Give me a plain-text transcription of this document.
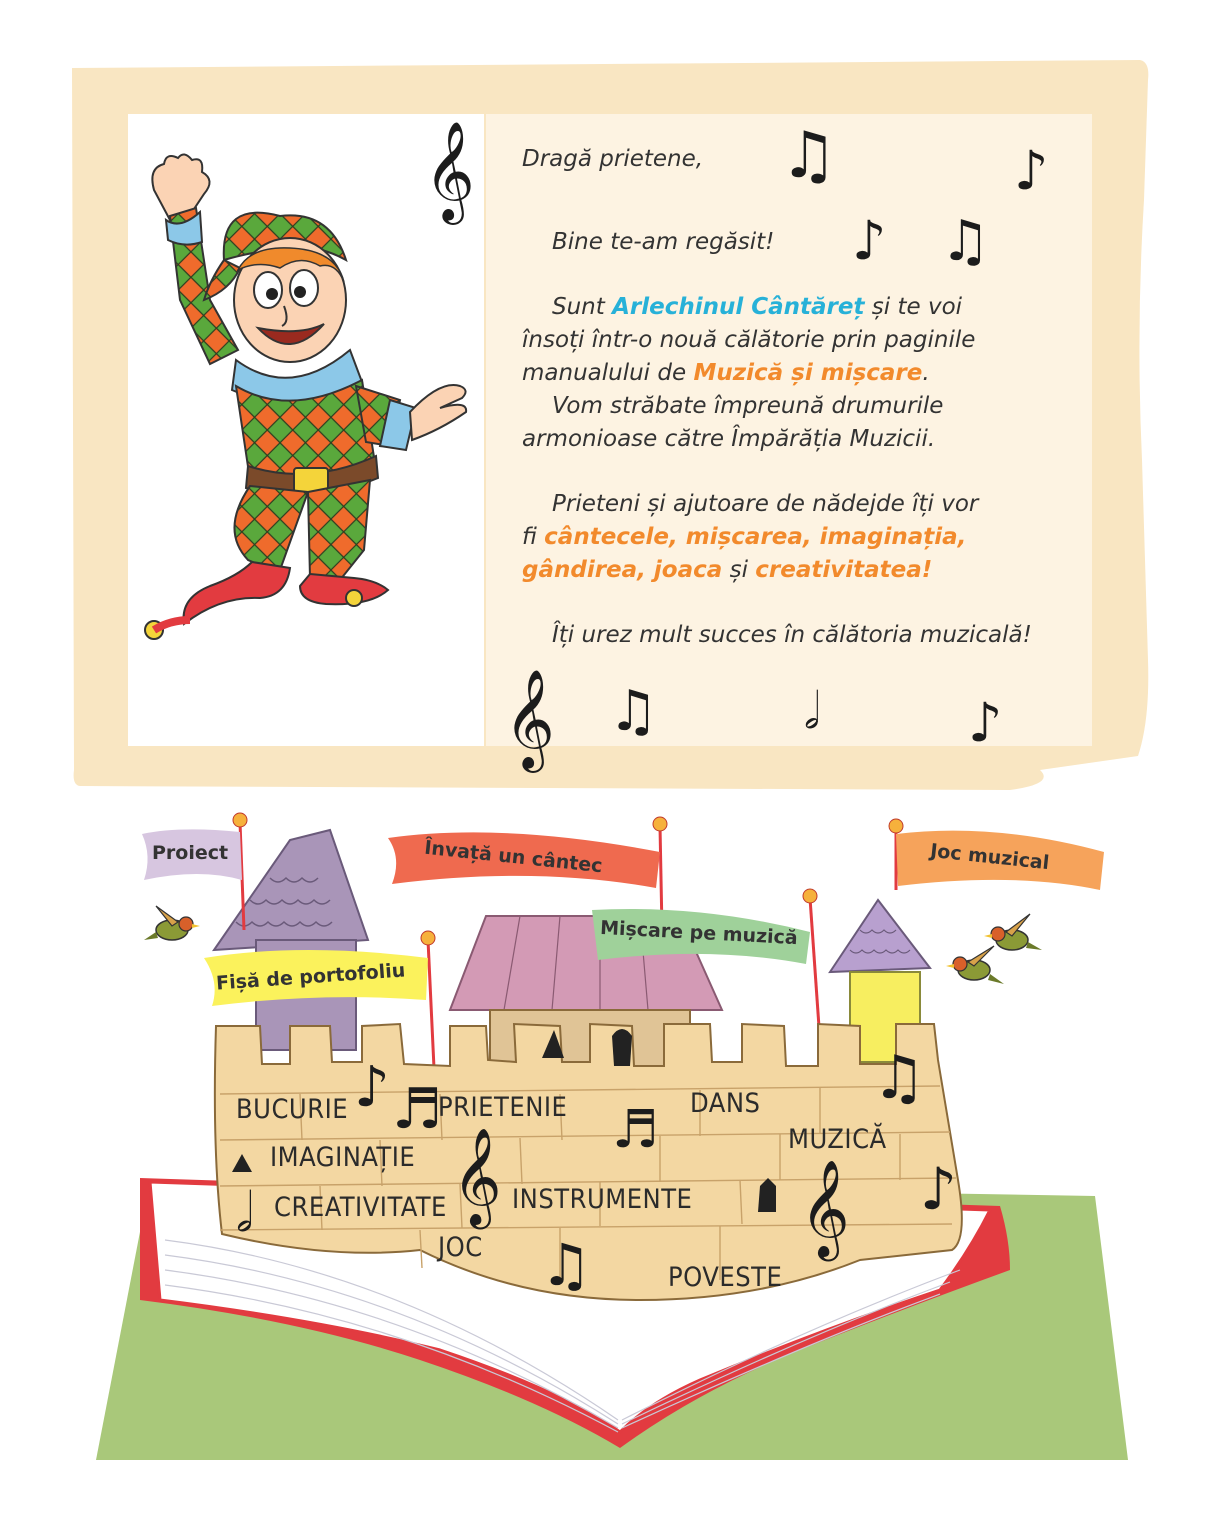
𝄞	♫	♪
♪ ♫
𝄞 ♫	𝅗𝅥	♪

Dragă prietene,

Bine te-am regăsit!

Sunt Arlechinul Cântăreț și te voi

însoți într-o nouă călătorie prin paginile

manualului de Muzică și mișcare.

Vom străbate împreună drumurile

armonioase către Împărăția Muzicii.

Prieteni și ajutoare de nădejde îți vor

fi cântecele, mișcarea, imaginația,

gândirea, joaca și creativitatea!

Îți urez mult succes în călătoria muzicală!

Proiect	Învață un cântec	Joc muzical
Mișcare pe muzică
Fișă de portofoliu
BUCURIE	PRIETENIE	DANS
IMAGINAȚIE
MUZICĂ
CREATIVITATE INSTRUMENTE
JOC
POVESTE
♪ ♬	♬
♫
𝄞	𝄞 ♪
𝅗𝅥
♫
